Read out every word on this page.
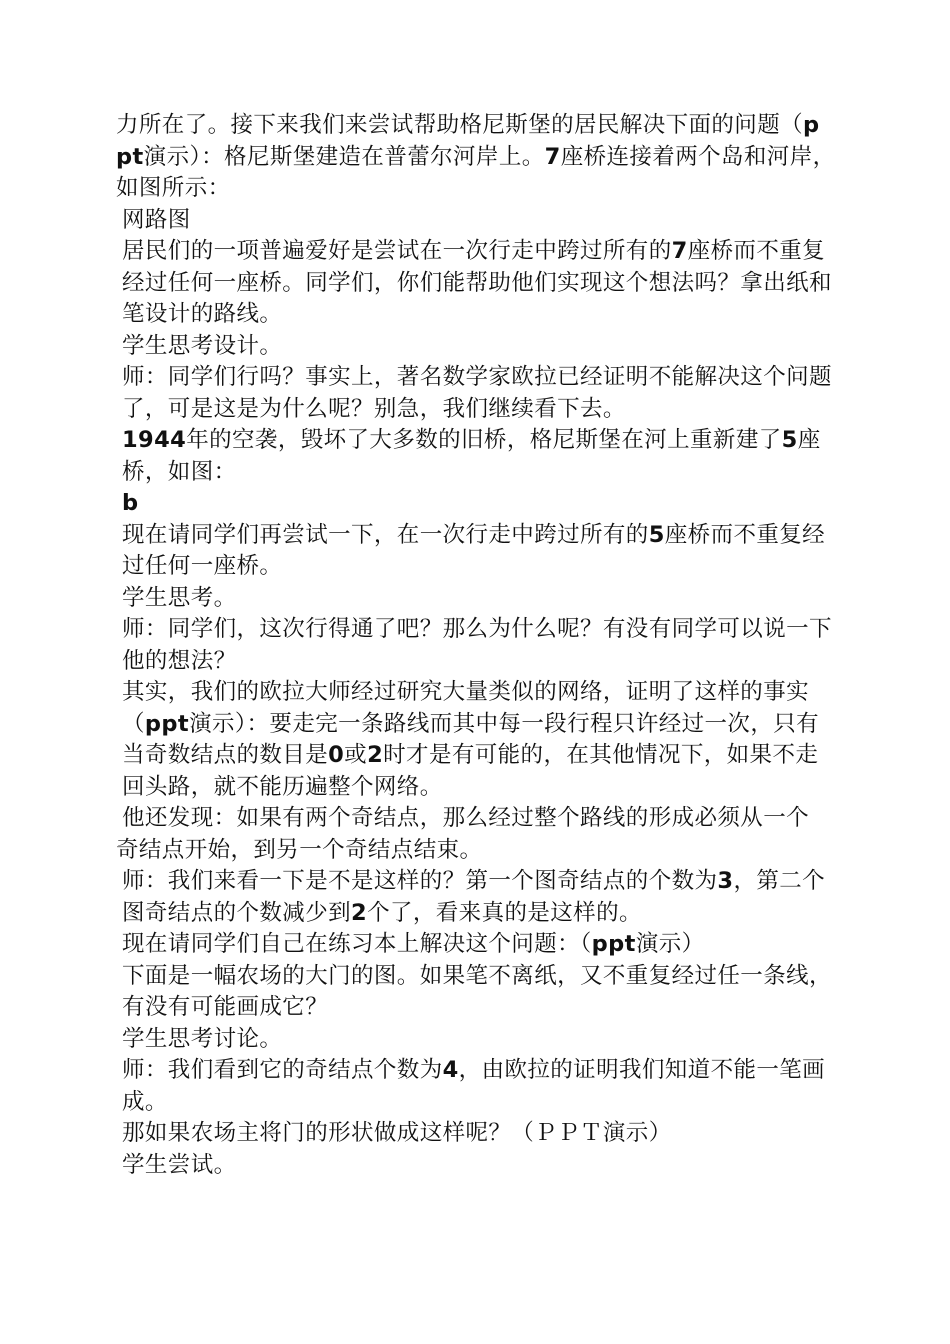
力所在了。接下来我们来尝试帮助格尼斯堡的居民解决下面的问题（ppt演示）：格尼斯堡建造在普蕾尔河岸上。7座桥连接着两个岛和河岸，如图所示：

网路图

居民们的一项普遍爱好是尝试在一次行走中跨过所有的7座桥而不重复经过任何一座桥。同学们，你们能帮助他们实现这个想法吗？拿出纸和笔设计的路线。

学生思考设计。

师：同学们行吗？事实上，著名数学家欧拉已经证明不能解决这个问题了，可是这是为什么呢？别急，我们继续看下去。

1944年的空袭，毁坏了大多数的旧桥，格尼斯堡在河上重新建了5座桥，如图：

b

现在请同学们再尝试一下，在一次行走中跨过所有的5座桥而不重复经过任何一座桥。

学生思考。

师：同学们，这次行得通了吧？那么为什么呢？有没有同学可以说一下他的想法？

其实，我们的欧拉大师经过研究大量类似的网络，证明了这样的事实（ppt演示）：要走完一条路线而其中每一段行程只许经过一次，只有当奇数结点的数目是0或2时才是有可能的，在其他情况下，如果不走回头路，就不能历遍整个网络。

他还发现：如果有两个奇结点，那么经过整个路线的形成必须从一个

奇结点开始，到另一个奇结点结束。

师：我们来看一下是不是这样的？第一个图奇结点的个数为3，第二个图奇结点的个数减少到2个了，看来真的是这样的。

现在请同学们自己在练习本上解决这个问题：（ppt演示）

下面是一幅农场的大门的图。如果笔不离纸，又不重复经过任一条线，有没有可能画成它？

学生思考讨论。

师：我们看到它的奇结点个数为4，由欧拉的证明我们知道不能一笔画成。

那如果农场主将门的形状做成这样呢？（ＰＰＴ演示）

学生尝试。
